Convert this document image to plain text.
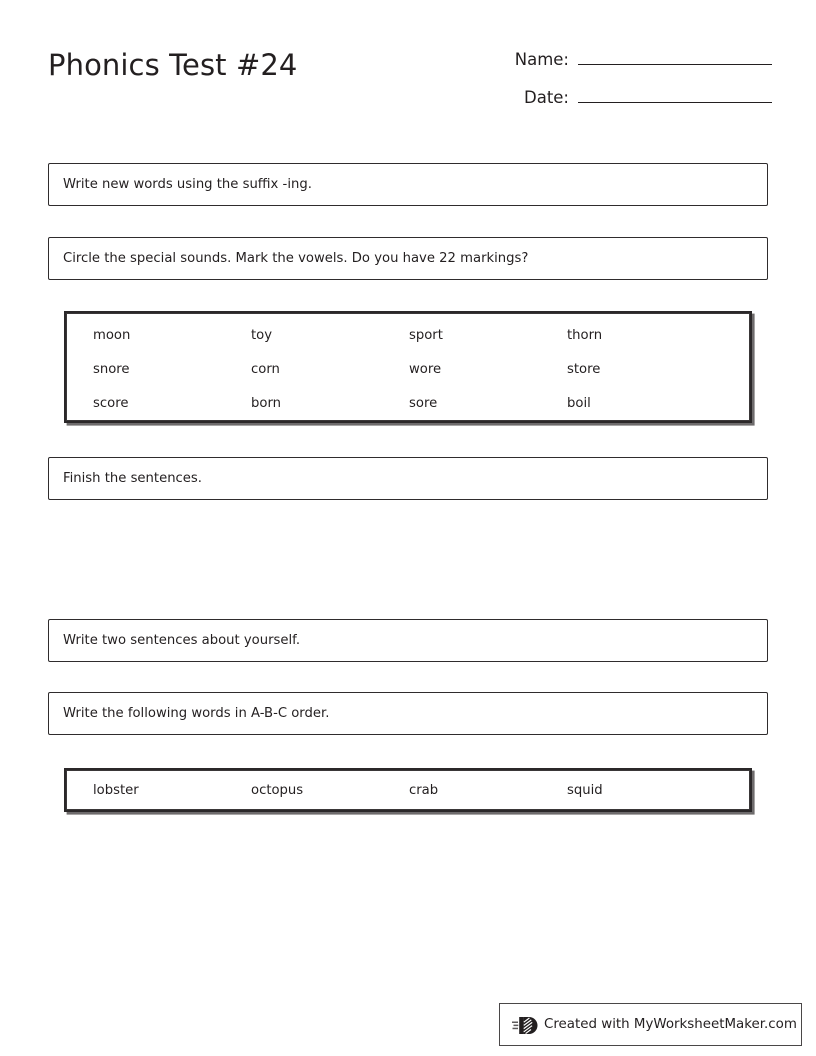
Phonics Test #24	Name:
Date:
Write new words using the suffix -ing.
Circle the special sounds. Mark the vowels. Do you have 22 markings?
moon	toy	sport	thorn
snore	corn	wore	store
score	born	sore	boil
Finish the sentences.
Write two sentences about yourself.
Write the following words in A-B-C order.
lobster	octopus	crab	squid
Created with MyWorksheetMaker.com
